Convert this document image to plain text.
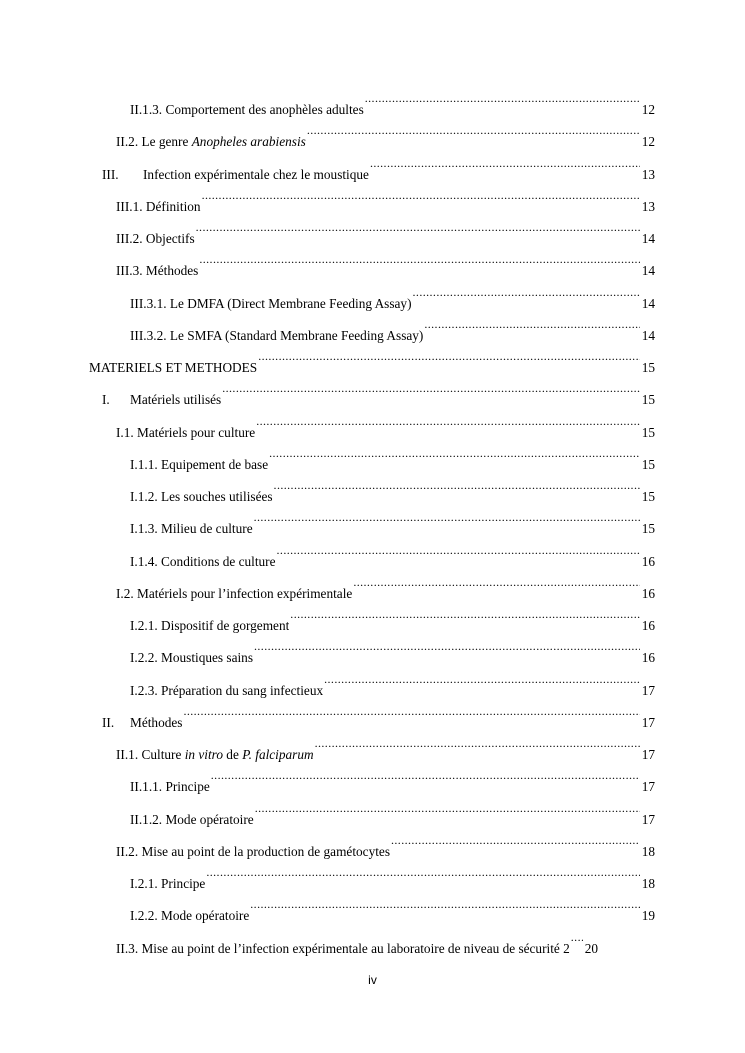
II.1.3. Comportement des anophèles adultes .....	12
II.2. Le genre Anopheles arabiensis .....	12
III.	Infection expérimentale chez le moustique .....	13
III.1. Définition .....	13
III.2. Objectifs .....	14
III.3. Méthodes .....	14
III.3.1. Le DMFA (Direct Membrane Feeding Assay) .....	14
III.3.2. Le SMFA (Standard Membrane Feeding Assay) .....	14
MATERIELS ET METHODES .....	15
I.	Matériels utilisés .....	15
I.1. Matériels pour culture .....	15
I.1.1. Equipement de base .....	15
I.1.2. Les souches utilisées .....	15
I.1.3. Milieu de culture .....	15
I.1.4. Conditions de culture .....	16
I.2. Matériels pour l’infection expérimentale .....	16
I.2.1. Dispositif de gorgement .....	16
I.2.2. Moustiques sains .....	16
I.2.3. Préparation du sang infectieux .....	17
II.	Méthodes .....	17
II.1. Culture in vitro de P. falciparum .....	17
II.1.1. Principe .....	17
II.1.2. Mode opératoire .....	17
II.2. Mise au point de la production de gamétocytes .....	18
I.2.1. Principe .....	18
I.2.2. Mode opératoire .....	19
II.3. Mise au point de l’infection expérimentale au laboratoire de niveau de sécurité 2 ..... 20
iv
